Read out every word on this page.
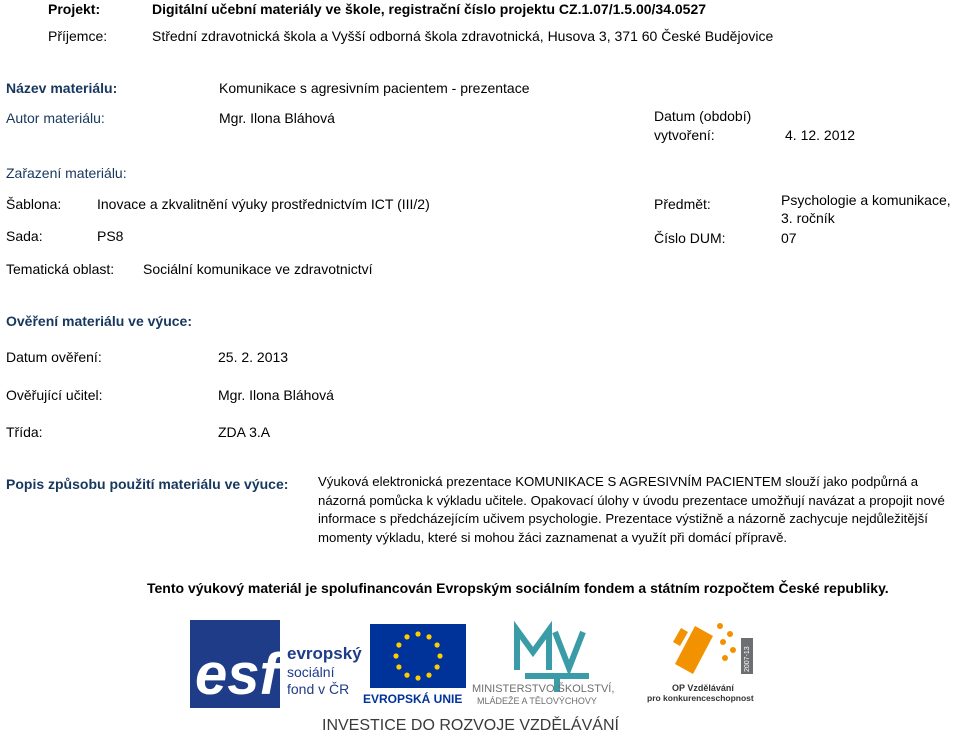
Projekt:	Digitální učební materiály ve škole, registrační číslo projektu CZ.1.07/1.5.00/34.0527
Příjemce:	Střední zdravotnická škola a Vyšší odborná škola zdravotnická, Husova 3, 371 60 České Budějovice
Název materiálu:	Komunikace s agresivním pacientem - prezentace
Autor materiálu:	Mgr. Ilona Bláhová	Datum (období)
vytvoření:	4. 12. 2012
Zařazení materiálu:
Šablona:	Inovace a zkvalitnění výuky prostřednictvím ICT (III/2)	Předmět:	Psychologie a komunikace,
3. ročník
Sada:	PS8	Číslo DUM:	07
Tematická oblast: Sociální komunikace ve zdravotnictví
Ověření materiálu ve výuce:
Datum ověření:	25. 2. 2013
Ověřující učitel:	Mgr. Ilona Bláhová
Třída:	ZDA 3.A
Popis způsobu použití materiálu ve výuce: Výuková elektronická prezentace KOMUNIKACE S AGRESIVNÍM PACIENTEM slouží jako podpůrná a názorná pomůcka k výkladu učitele. Opakovací úlohy v úvodu prezentace umožňují navázat a propojit nové informace s předcházejícím učivem psychologie. Prezentace výstižně a názorně zachycuje nejdůležitější momenty výkladu, které si mohou žáci zaznamenat a využít při domácí přípravě.
Tento výukový materiál je spolufinancován Evropským sociálním fondem a státním rozpočtem České republiky.
esf evropský
sociální
fond v ČR
EVROPSKÁ UNIE
MINISTERSTVO ŠKOLSTVÍ,
MLÁDEŽE A TĚLOVÝCHOVY
2007-13
OP Vzdělávání
pro konkurenceschopnost
INVESTICE DO ROZVOJE VZDĚLÁVÁNÍ
